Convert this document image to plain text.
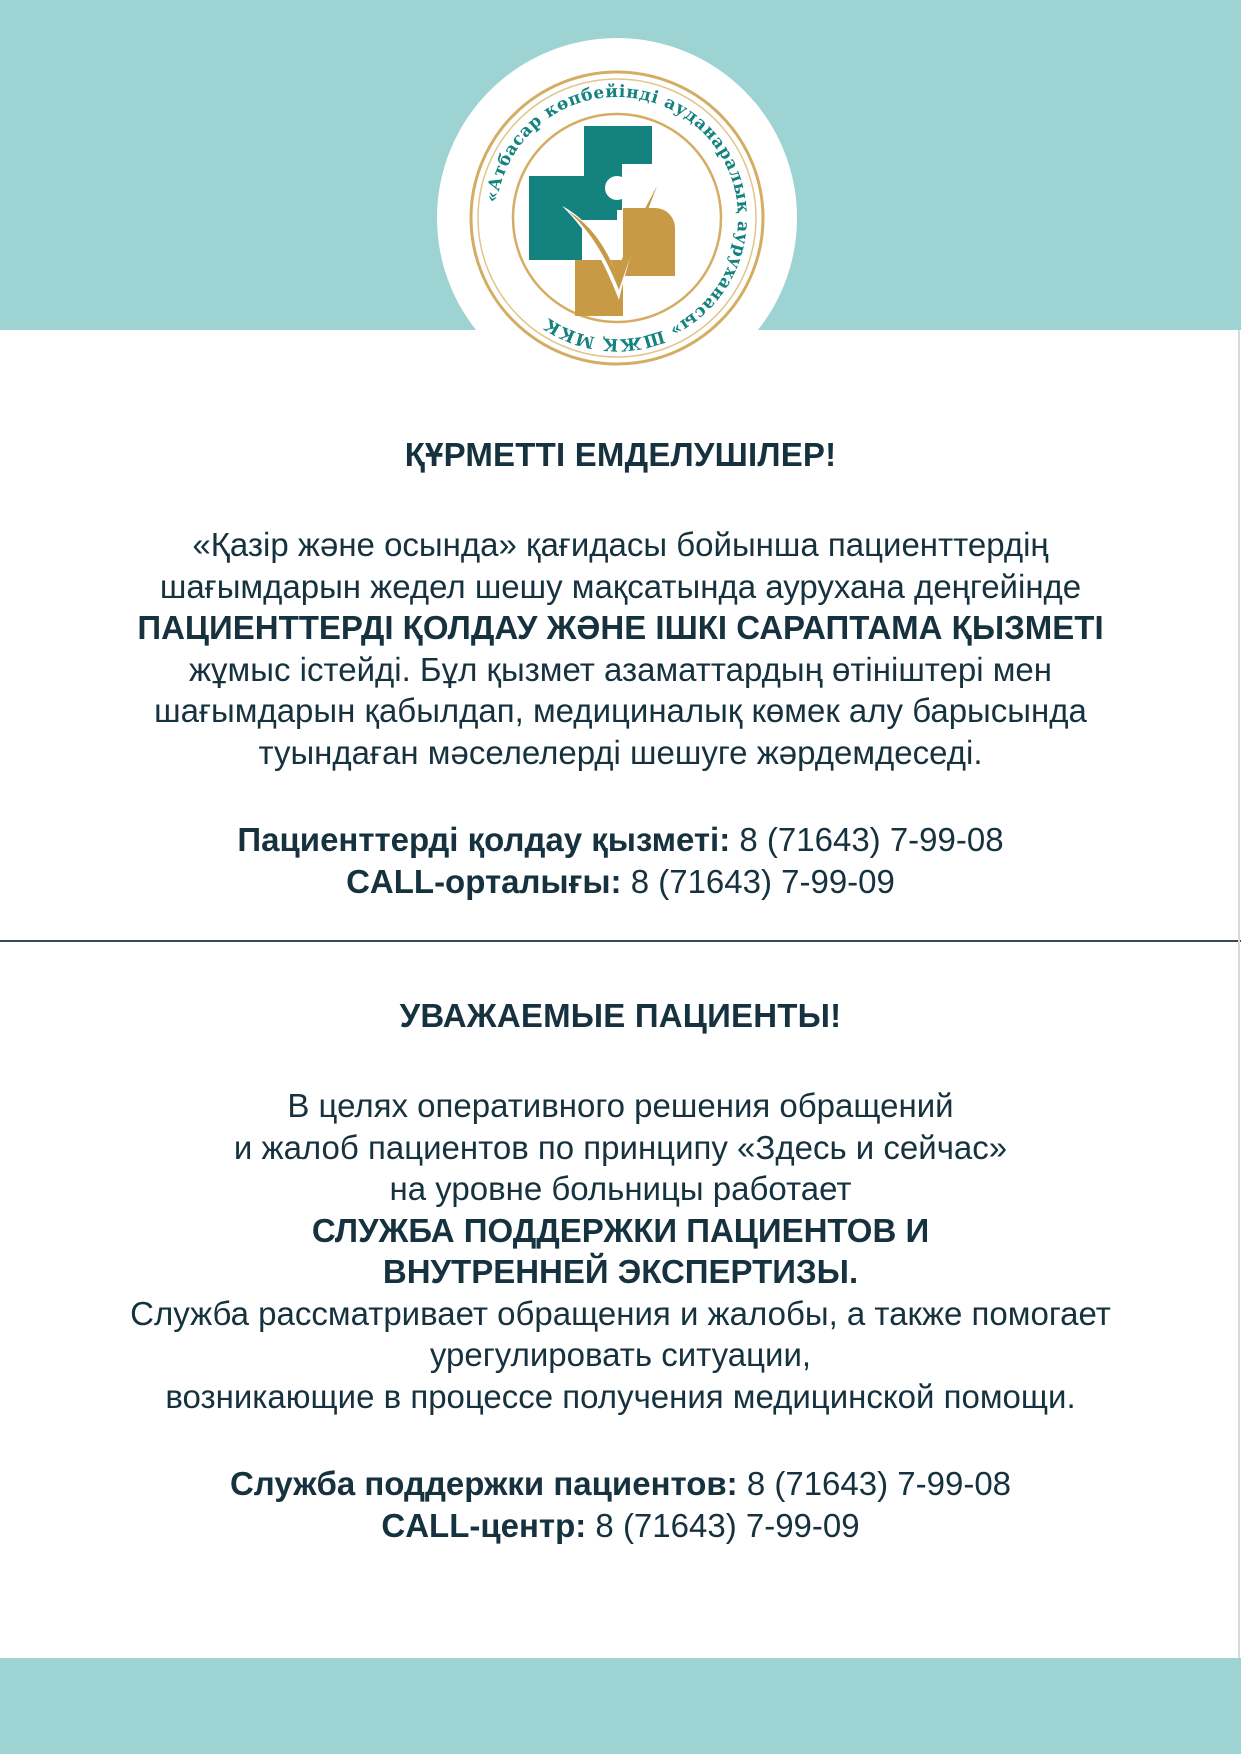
«Атбасар көпбейінді ауданаралық ауруханасы» ШЖҚ МКК

ҚҰРМЕТТІ ЕМДЕЛУШІЛЕР!

«Қазір және осында» қағидасы бойынша пациенттердің
шағымдарын жедел шешу мақсатында аурухана деңгейінде
ПАЦИЕНТТЕРДІ ҚОЛДАУ ЖӘНЕ ІШКІ САРАПТАМА ҚЫЗМЕТІ
жұмыс істейді. Бұл қызмет азаматтардың өтініштері мен
шағымдарын қабылдап, медициналық көмек алу барысында
туындаған мәселелерді шешуге жәрдемдеседі.

Пациенттерді қолдау қызметі: 8 (71643) 7-99-08
CALL-орталығы: 8 (71643) 7-99-09

УВАЖАЕМЫЕ ПАЦИЕНТЫ!

В целях оперативного решения обращений
и жалоб пациентов по принципу «Здесь и сейчас»
на уровне больницы работает
СЛУЖБА ПОДДЕРЖКИ ПАЦИЕНТОВ И
ВНУТРЕННЕЙ ЭКСПЕРТИЗЫ.
Служба рассматривает обращения и жалобы, а также помогает
урегулировать ситуации,
возникающие в процессе получения медицинской помощи.

Служба поддержки пациентов: 8 (71643) 7-99-08
CALL-центр: 8 (71643) 7-99-09
